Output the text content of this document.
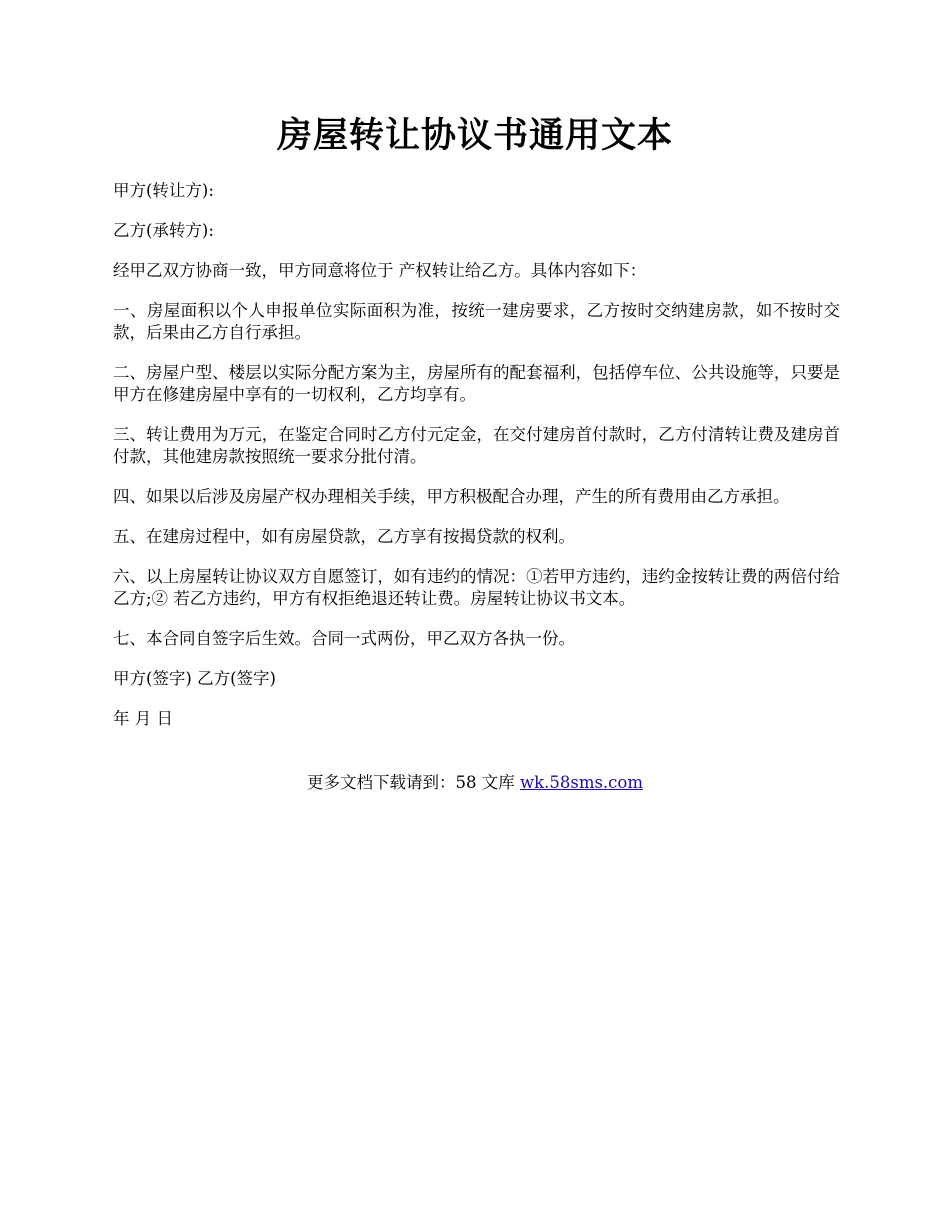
房屋转让协议书通用文本

甲方(转让方):

乙方(承转方):

经甲乙双方协商一致，甲方同意将位于 产权转让给乙方。具体内容如下：

一、房屋面积以个人申报单位实际面积为准，按统一建房要求，乙方按时交纳建房款，如不按时交款，后果由乙方自行承担。

二、房屋户型、楼层以实际分配方案为主，房屋所有的配套福利，包括停车位、公共设施等，只要是甲方在修建房屋中享有的一切权利，乙方均享有。

三、转让费用为万元，在鉴定合同时乙方付元定金，在交付建房首付款时，乙方付清转让费及建房首付款，其他建房款按照统一要求分批付清。

四、如果以后涉及房屋产权办理相关手续，甲方积极配合办理，产生的所有费用由乙方承担。

五、在建房过程中，如有房屋贷款，乙方享有按揭贷款的权利。

六、以上房屋转让协议双方自愿签订，如有违约的情况：①若甲方违约，违约金按转让费的两倍付给乙方;② 若乙方违约，甲方有权拒绝退还转让费。房屋转让协议书文本。

七、本合同自签字后生效。合同一式两份，甲乙双方各执一份。

甲方(签字) 乙方(签字)

年 月 日

更多文档下载请到：58 文库 wk.58sms.com
